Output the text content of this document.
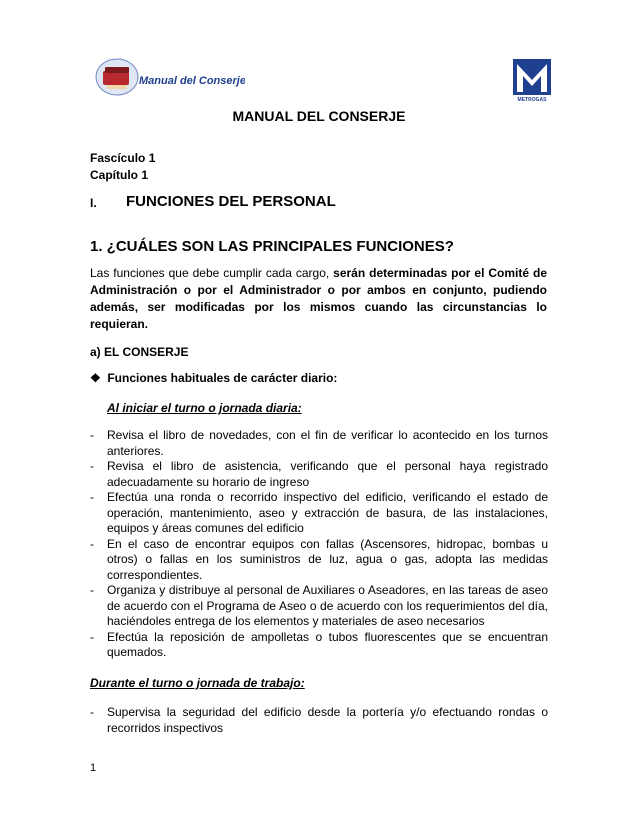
Manual del Conserje
METROGAS
MANUAL DEL CONSERJE
Fascículo 1
Capítulo 1
I. FUNCIONES DEL PERSONAL
1. ¿CUÁLES SON LAS PRINCIPALES FUNCIONES?
Las funciones que debe cumplir cada cargo, serán determinadas por el Comité de Administración o por el Administrador o por ambos en conjunto, pudiendo además, ser modificadas por los mismos cuando las circunstancias lo requieran.
a) EL CONSERJE
❖ Funciones habituales de carácter diario:
Al iniciar el turno o jornada diaria:
- Revisa el libro de novedades, con el fin de verificar lo acontecido en los turnos anteriores.
- Revisa el libro de asistencia, verificando que el personal haya registrado adecuadamente su horario de ingreso
- Efectúa una ronda o recorrido inspectivo del edificio, verificando el estado de operación, mantenimiento, aseo y extracción de basura, de las instalaciones, equipos y áreas comunes del edificio
- En el caso de encontrar equipos con fallas (Ascensores, hidropac, bombas u otros) o fallas en los suministros de luz, agua o gas, adopta las medidas correspondientes.
- Organiza y distribuye al personal de Auxiliares o Aseadores, en las tareas de aseo de acuerdo con el Programa de Aseo o de acuerdo con los requerimientos del día, haciéndoles entrega de los elementos y materiales de aseo necesarios
- Efectúa la reposición de ampolletas o tubos fluorescentes que se encuentran quemados.
Durante el turno o jornada de trabajo:
- Supervisa la seguridad del edificio desde la portería y/o efectuando rondas o recorridos inspectivos
1
